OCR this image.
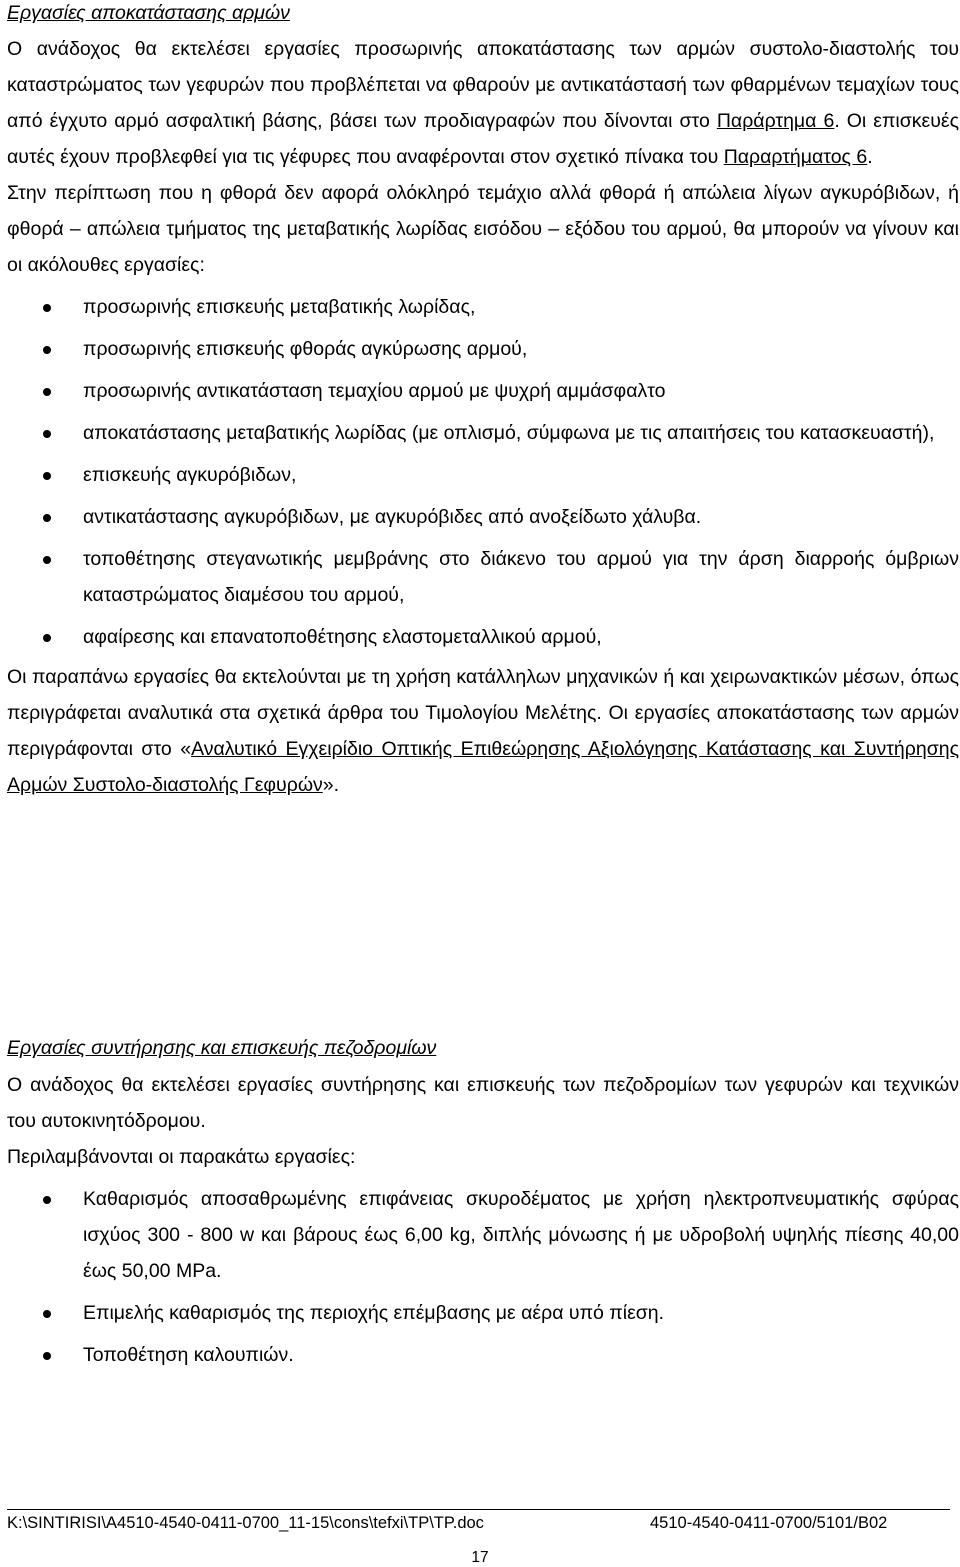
Εργασίες αποκατάστασης αρμών

Ο ανάδοχος θα εκτελέσει εργασίες προσωρινής αποκατάστασης των αρμών συστολο-διαστολής του καταστρώματος των γεφυρών που προβλέπεται να φθαρούν με αντικατάστασή των φθαρμένων τεμαχίων τους από έγχυτο αρμό ασφαλτική βάσης, βάσει των προδιαγραφών που δίνονται στο Παράρτημα 6. Οι επισκευές αυτές έχουν προβλεφθεί για τις γέφυρες που αναφέρονται στον σχετικό πίνακα του Παραρτήματος 6.

Στην περίπτωση που η φθορά δεν αφορά ολόκληρό τεμάχιο αλλά φθορά ή απώλεια λίγων αγκυρόβιδων, ή φθορά – απώλεια τμήματος της μεταβατικής λωρίδας εισόδου – εξόδου του αρμού, θα μπορούν να γίνουν και οι ακόλουθες εργασίες:

προσωρινής επισκευής μεταβατικής λωρίδας,
προσωρινής επισκευής φθοράς αγκύρωσης αρμού,
προσωρινής αντικατάσταση τεμαχίου αρμού με ψυχρή αμμάσφαλτο
αποκατάστασης μεταβατικής λωρίδας (με οπλισμό, σύμφωνα με τις απαιτήσεις του κατασκευαστή),
επισκευής αγκυρόβιδων,
αντικατάστασης αγκυρόβιδων, με αγκυρόβιδες από ανοξείδωτο χάλυβα.
τοποθέτησης στεγανωτικής μεμβράνης στο διάκενο του αρμού για την άρση διαρροής όμβριων καταστρώματος διαμέσου του αρμού,
αφαίρεσης και επανατοποθέτησης ελαστομεταλλικού αρμού,

Οι παραπάνω εργασίες θα εκτελούνται με τη χρήση κατάλληλων μηχανικών ή και χειρωνακτικών μέσων, όπως περιγράφεται αναλυτικά στα σχετικά άρθρα του Τιμολογίου Μελέτης. Οι εργασίες αποκατάστασης των αρμών περιγράφονται στο «Αναλυτικό Εγχειρίδιο Οπτικής Επιθεώρησης Αξιολόγησης Κατάστασης και Συντήρησης Αρμών Συστολο-διαστολής Γεφυρών».

Εργασίες συντήρησης και επισκευής πεζοδρομίων

Ο ανάδοχος θα εκτελέσει εργασίες συντήρησης και επισκευής των πεζοδρομίων των γεφυρών και τεχνικών του αυτοκινητόδρομου.

Περιλαμβάνονται οι παρακάτω εργασίες:

Καθαρισμός αποσαθρωμένης επιφάνειας σκυροδέματος με χρήση ηλεκτροπνευματικής σφύρας ισχύος 300 - 800 w και βάρους έως 6,00 kg, διπλής μόνωσης ή με υδροβολή υψηλής πίεσης 40,00 έως 50,00 MPa.
Επιμελής καθαρισμός της περιοχής επέμβασης με αέρα υπό πίεση.
Τοποθέτηση καλουπιών.
K:\SINTIRISI\A4510-4540-0411-0700_11-15\cons\tefxi\TP\TP.doc	4510-4540-0411-0700/5101/B02
17
